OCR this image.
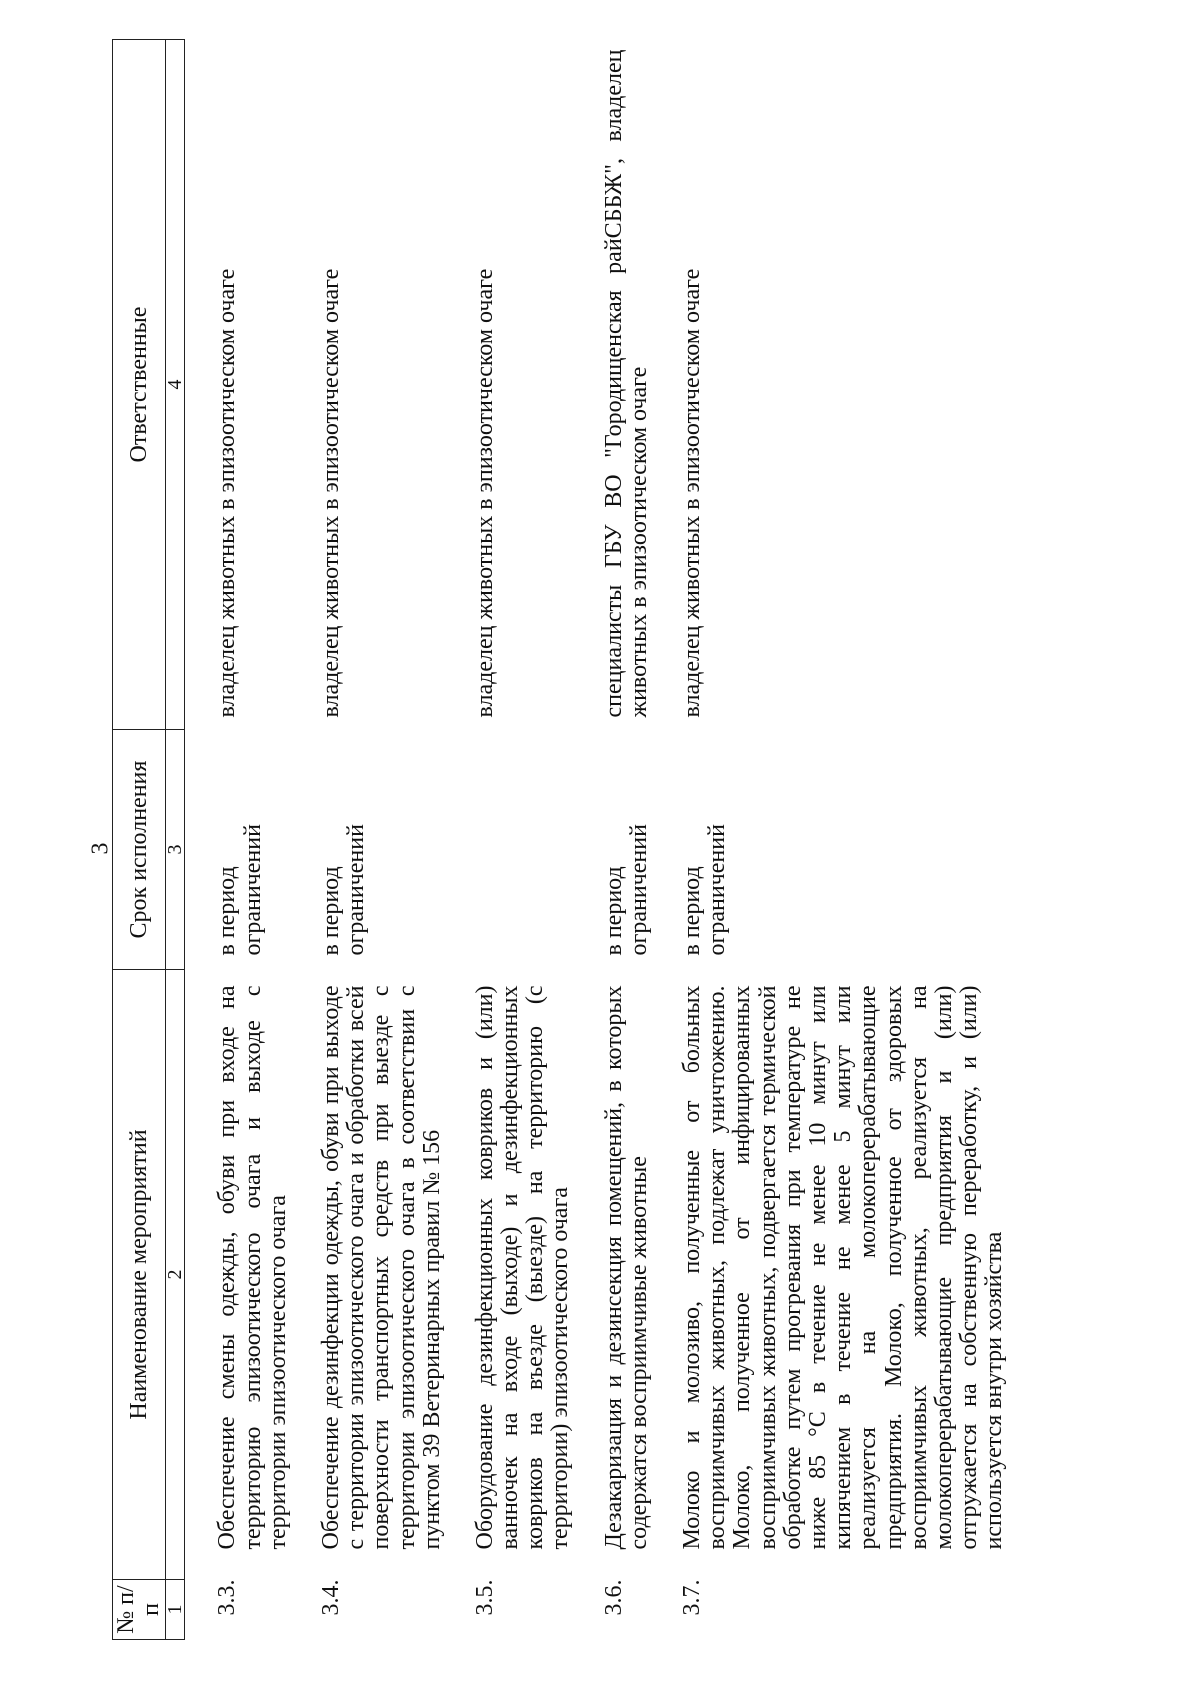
3
№ п/п	Наименование мероприятий	Срок исполнения	Ответственные
1	2	3	4

3.3.	Обеспечение смены одежды, обуви при входе на территорию эпизоотического очага и выходе с территории эпизоотического очага	в период ограничений	владелец животных в эпизоотическом очаге
3.4.	Обеспечение дезинфекции одежды, обуви при выходе с территории эпизоотического очага и обработки всей поверхности транспортных средств при выезде с территории эпизоотического очага в соответствии с пунктом 39 Ветеринарных правил № 156	в период ограничений	владелец животных в эпизоотическом очаге
3.5.	Оборудование дезинфекционных ковриков и (или) ванночек на входе (выходе) и дезинфекционных ковриков на въезде (выезде) на территорию (с территории) эпизоотического очага		владелец животных в эпизоотическом очаге
3.6.	Дезакаризация и дезинсекция помещений, в которых содержатся восприимчивые животные	в период ограничений	специалисты ГБУ ВО "Городищенская райСББЖ", владелец животных в эпизоотическом очаге
3.7.	Молоко и молозиво, полученные от больных восприимчивых животных, подлежат уничтожению. Молоко, полученное от инфицированных восприимчивых животных, подвергается термической обработке путем прогревания при температуре не ниже 85 °С в течение не менее 10 минут или кипячением в течение не менее 5 минут или реализуется на молокоперерабатывающие предприятия. Молоко, полученное от здоровых восприимчивых животных, реализуется на молокоперерабатывающие предприятия и (или) отгружается на собственную переработку, и (или) используется внутри хозяйства	в период ограничений	владелец животных в эпизоотическом очаге
